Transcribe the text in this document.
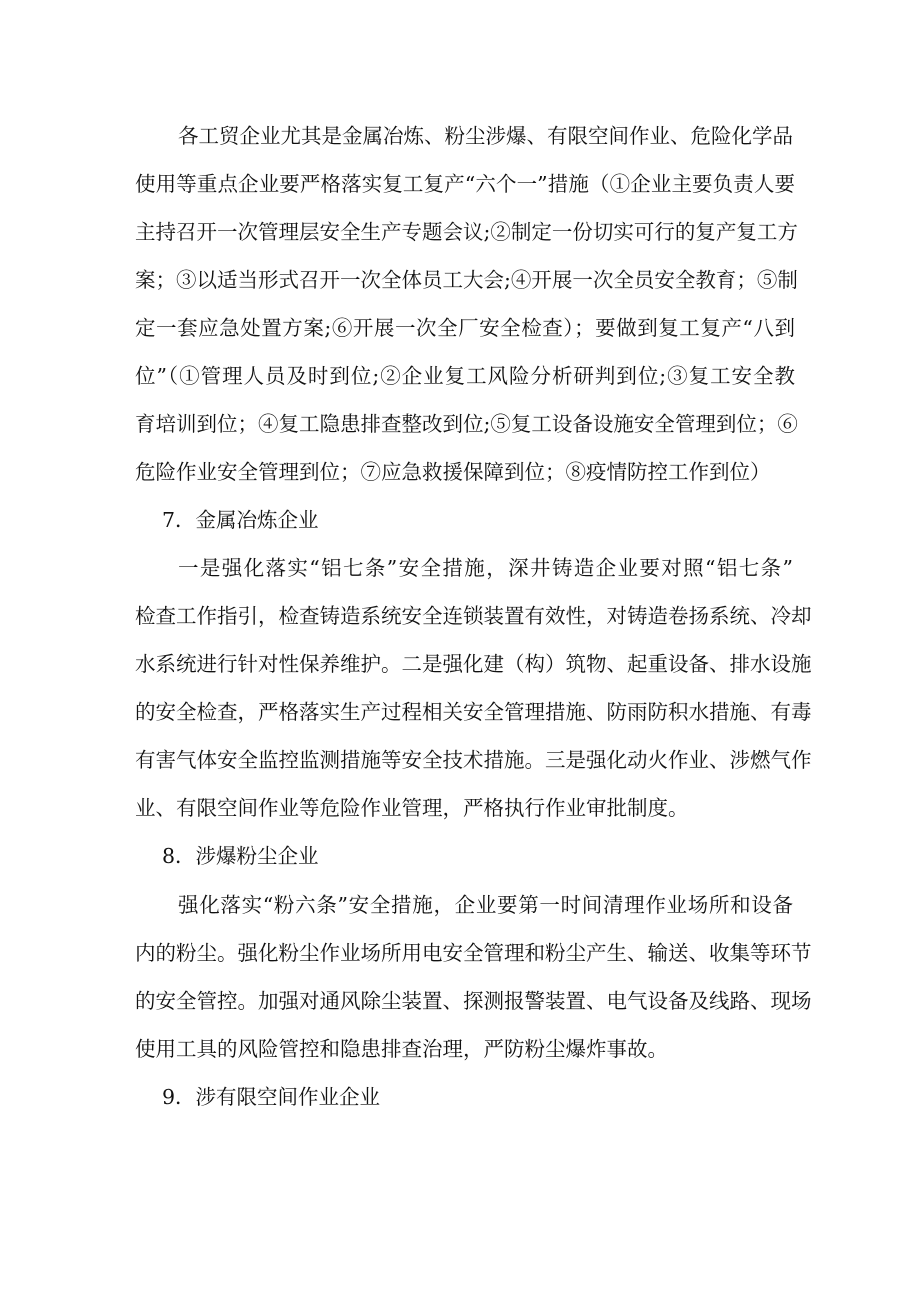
各工贸企业尤其是金属冶炼、粉尘涉爆、有限空间作业、危险化学品
使用等重点企业要严格落实复工复产“六个一”措施（①企业主要负责人要
主持召开一次管理层安全生产专题会议;②制定一份切实可行的复产复工方
案；③以适当形式召开一次全体员工大会;④开展一次全员安全教育；⑤制
定一套应急处置方案;⑥开展一次全厂安全检查）；要做到复工复产“八到
位”（①管理人员及时到位;②企业复工风险分析研判到位;③复工安全教
育培训到位；④复工隐患排查整改到位;⑤复工设备设施安全管理到位；⑥
危险作业安全管理到位；⑦应急救援保障到位；⑧疫情防控工作到位）
7．金属冶炼企业
一是强化落实“铝七条”安全措施，深井铸造企业要对照“铝七条”
检查工作指引，检查铸造系统安全连锁装置有效性，对铸造卷扬系统、冷却
水系统进行针对性保养维护。二是强化建（构）筑物、起重设备、排水设施
的安全检查，严格落实生产过程相关安全管理措施、防雨防积水措施、有毒
有害气体安全监控监测措施等安全技术措施。三是强化动火作业、涉燃气作
业、有限空间作业等危险作业管理，严格执行作业审批制度。
8．涉爆粉尘企业
强化落实“粉六条”安全措施，企业要第一时间清理作业场所和设备
内的粉尘。强化粉尘作业场所用电安全管理和粉尘产生、输送、收集等环节
的安全管控。加强对通风除尘装置、探测报警装置、电气设备及线路、现场
使用工具的风险管控和隐患排查治理，严防粉尘爆炸事故。
9．涉有限空间作业企业
